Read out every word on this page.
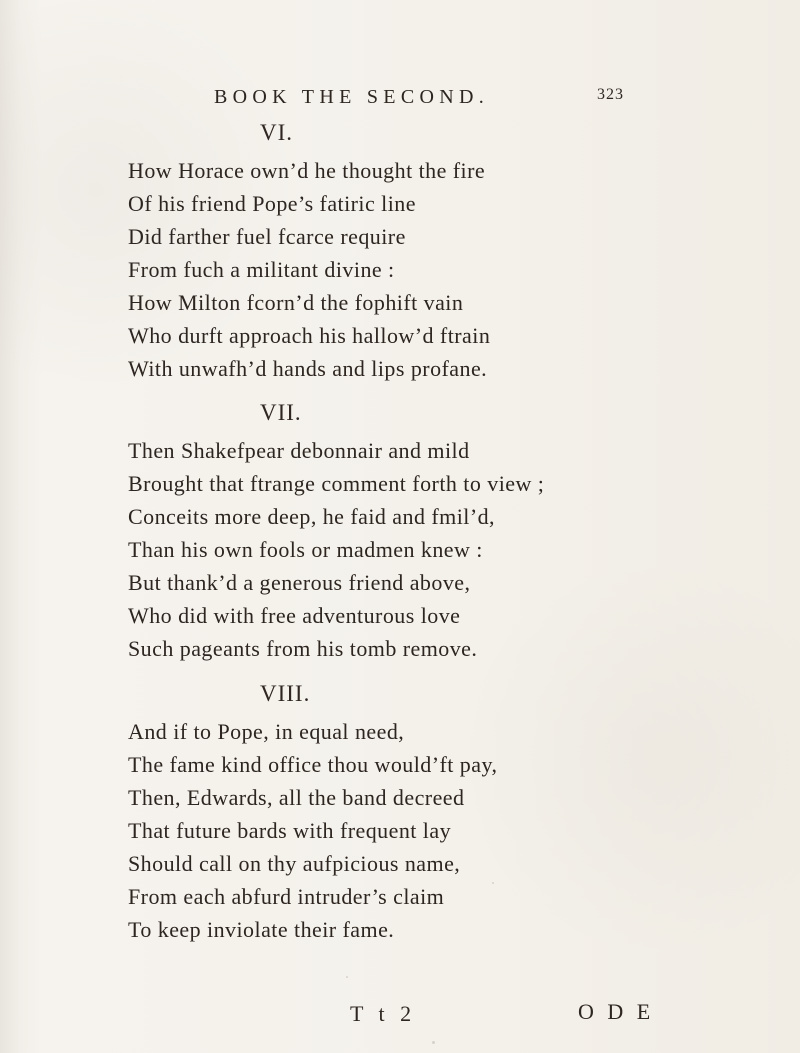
BOOK THE SECOND.	323
VI.
How Horace own’d he thought the fire
Of his friend Pope’s fatiric line
Did farther fuel fcarce require
From fuch a militant divine :
How Milton fcorn’d the fophift vain
Who durft approach his hallow’d ftrain
With unwafh’d hands and lips profane.
VII.
Then Shakefpear debonnair and mild
Brought that ftrange comment forth to view ;
Conceits more deep, he faid and fmil’d,
Than his own fools or madmen knew :
But thank’d a generous friend above,
Who did with free adventurous love
Such pageants from his tomb remove.
VIII.
And if to Pope, in equal need,
The fame kind office thou would’ft pay,
Then, Edwards, all the band decreed
That future bards with frequent lay
Should call on thy aufpicious name,
From each abfurd intruder’s claim
To keep inviolate their fame.
T t 2	O D E
